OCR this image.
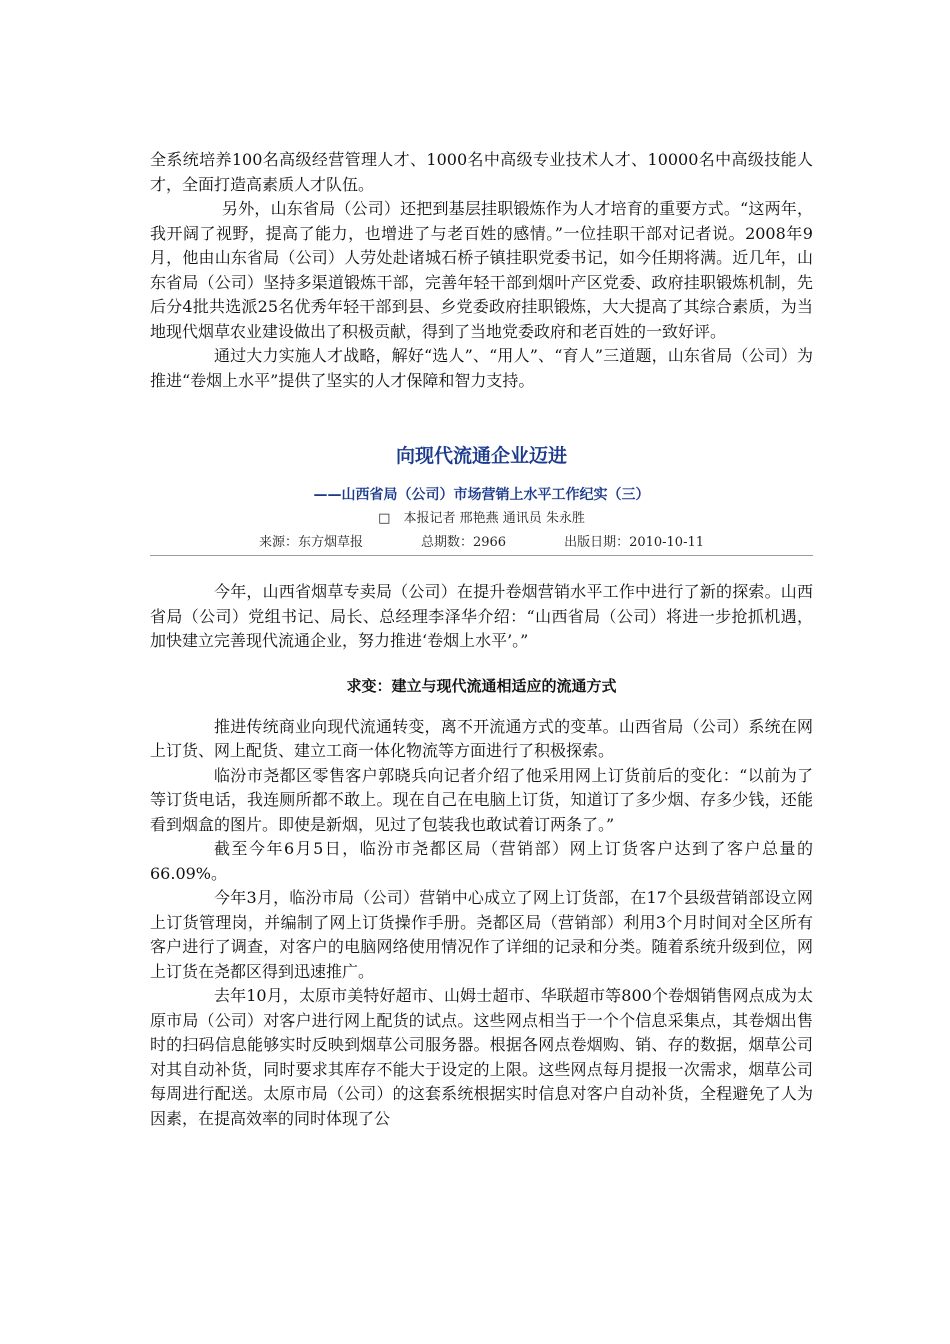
全系统培养100名高级经营管理人才、1000名中高级专业技术人才、10000名中高级技能人才，全面打造高素质人才队伍。

另外，山东省局（公司）还把到基层挂职锻炼作为人才培育的重要方式。“这两年，我开阔了视野，提高了能力，也增进了与老百姓的感情。”一位挂职干部对记者说。2008年9月，他由山东省局（公司）人劳处赴诸城石桥子镇挂职党委书记，如今任期将满。近几年，山东省局（公司）坚持多渠道锻炼干部，完善年轻干部到烟叶产区党委、政府挂职锻炼机制，先后分4批共选派25名优秀年轻干部到县、乡党委政府挂职锻炼，大大提高了其综合素质，为当地现代烟草农业建设做出了积极贡献，得到了当地党委政府和老百姓的一致好评。

通过大力实施人才战略，解好“选人”、“用人”、“育人”三道题，山东省局（公司）为推进“卷烟上水平”提供了坚实的人才保障和智力支持。

向现代流通企业迈进
——山西省局（公司）市场营销上水平工作纪实（三）

□　本报记者 邢艳燕 通讯员 朱永胜

来源：东方烟草报	总期数：2966	出版日期：2010-10-11

今年，山西省烟草专卖局（公司）在提升卷烟营销水平工作中进行了新的探索。山西省局（公司）党组书记、局长、总经理李泽华介绍：“山西省局（公司）将进一步抢抓机遇，加快建立完善现代流通企业，努力推进‘卷烟上水平’。”

求变：建立与现代流通相适应的流通方式

推进传统商业向现代流通转变，离不开流通方式的变革。山西省局（公司）系统在网上订货、网上配货、建立工商一体化物流等方面进行了积极探索。

临汾市尧都区零售客户郭晓兵向记者介绍了他采用网上订货前后的变化：“以前为了等订货电话，我连厕所都不敢上。现在自己在电脑上订货，知道订了多少烟、存多少钱，还能看到烟盒的图片。即使是新烟，见过了包装我也敢试着订两条了。”

截至今年6月5日，临汾市尧都区局（营销部）网上订货客户达到了客户总量的66.09%。

今年3月，临汾市局（公司）营销中心成立了网上订货部，在17个县级营销部设立网上订货管理岗，并编制了网上订货操作手册。尧都区局（营销部）利用3个月时间对全区所有客户进行了调查，对客户的电脑网络使用情况作了详细的记录和分类。随着系统升级到位，网上订货在尧都区得到迅速推广。

去年10月，太原市美特好超市、山姆士超市、华联超市等800个卷烟销售网点成为太原市局（公司）对客户进行网上配货的试点。这些网点相当于一个个信息采集点，其卷烟出售时的扫码信息能够实时反映到烟草公司服务器。根据各网点卷烟购、销、存的数据，烟草公司对其自动补货，同时要求其库存不能大于设定的上限。这些网点每月提报一次需求，烟草公司每周进行配送。太原市局（公司）的这套系统根据实时信息对客户自动补货，全程避免了人为因素，在提高效率的同时体现了公
